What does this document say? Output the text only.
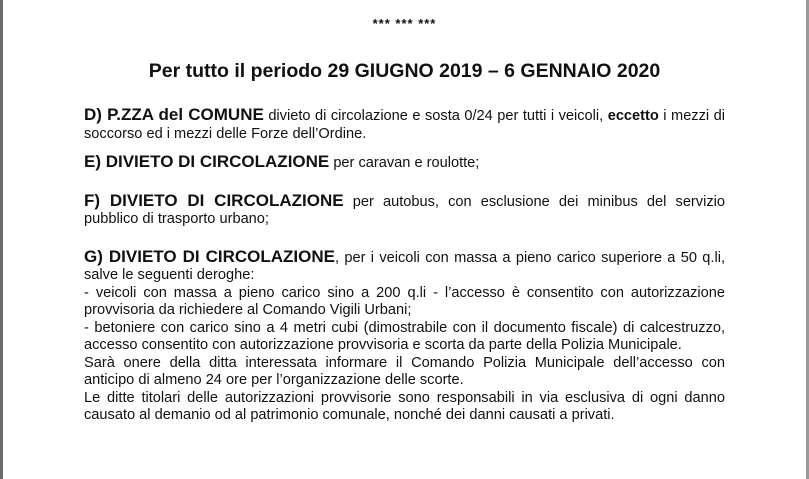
*** *** ***
Per tutto il periodo 29 GIUGNO 2019 – 6 GENNAIO 2020

D) P.ZZA del COMUNE divieto di circolazione e sosta 0/24 per tutti i veicoli, eccetto i mezzi di soccorso ed i mezzi delle Forze dell’Ordine.

E) DIVIETO DI CIRCOLAZIONE per caravan e roulotte;

F) DIVIETO DI CIRCOLAZIONE per autobus, con esclusione dei minibus del servizio pubblico di trasporto urbano;

G) DIVIETO DI CIRCOLAZIONE, per i veicoli con massa a pieno carico superiore a 50 q.li, salve le seguenti deroghe:

- veicoli con massa a pieno carico sino a 200 q.li - l’accesso è consentito con autorizzazione provvisoria da richiedere al Comando Vigili Urbani;

- betoniere con carico sino a 4 metri cubi (dimostrabile con il documento fiscale) di calcestruzzo, accesso consentito con autorizzazione provvisoria e scorta da parte della Polizia Municipale.

Sarà onere della ditta interessata informare il Comando Polizia Municipale dell’accesso con anticipo di almeno 24 ore per l’organizzazione delle scorte.

Le ditte titolari delle autorizzazioni provvisorie sono responsabili in via esclusiva di ogni danno causato al demanio od al patrimonio comunale, nonché dei danni causati a privati.
